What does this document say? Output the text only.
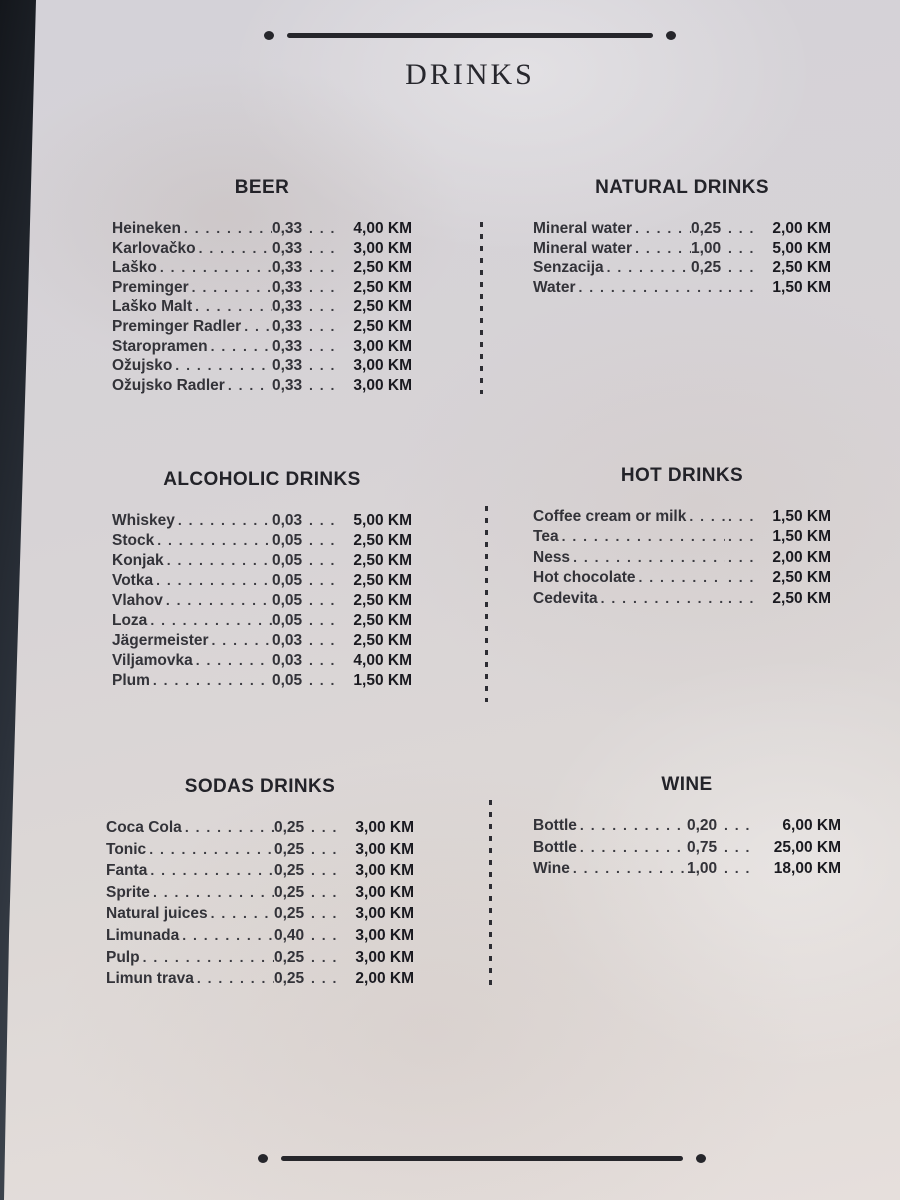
DRINKS
BEER
Heineken . . .	0,33 . . .	4,00 KM
Karlovačko . . .	0,33 . . .	3,00 KM
Laško . . .	0,33 . . .	2,50 KM
Preminger . . .	0,33 . . .	2,50 KM
Laško Malt . . .	0,33 . . .	2,50 KM
Preminger Radler . . . 0,33 . . .	2,50 KM
Staropramen . . .	0,33 . . .	3,00 KM
Ožujsko . . .	0,33 . . .	3,00 KM
Ožujsko Radler . . .	0,33 . . .	3,00 KM
NATURAL DRINKS
Mineral water . . .	0,25 . . .	2,00 KM
Mineral water . . .	1,00 . . .	5,00 KM
Senzacija . . .	0,25 . . .	2,50 KM
Water . . . . . .	1,50 KM
ALCOHOLIC DRINKS
Whiskey . . .	0,03 . . .	5,00 KM
Stock . . .	0,05 . . .	2,50 KM
Konjak . . .	0,05 . . .	2,50 KM
Votka . . .	0,05 . . .	2,50 KM
Vlahov . . .	0,05 . . .	2,50 KM
Loza . . .	0,05 . . .	2,50 KM
Jägermeister . . .	0,03 . . .	2,50 KM
Viljamovka . . .	0,03 . . .	4,00 KM
Plum . . .	0,05 . . .	1,50 KM
HOT DRINKS
Coffee cream or milk . . . . . .	1,50 KM
Tea . . . . . .	1,50 KM
Ness . . . . . .	2,00 KM
Hot chocolate . . . . . .	2,50 KM
Cedevita . . . . . .	2,50 KM
SODAS DRINKS
Coca Cola . . .	0,25 . . .	3,00 KM
Tonic . . .	0,25 . . .	3,00 KM
Fanta . . .	0,25 . . .	3,00 KM
Sprite . . .	0,25 . . .	3,00 KM
Natural juices . . .	0,25 . . .	3,00 KM
Limunada . . .	0,40 . . .	3,00 KM
Pulp . . .	0,25 . . .	3,00 KM
Limun trava . . .	0,25 . . .	2,00 KM
WINE
Bottle . . .	0,20 . . .	6,00 KM
Bottle . . .	0,75 . . .	25,00 KM
Wine . . .	1,00 . . .	18,00 KM
